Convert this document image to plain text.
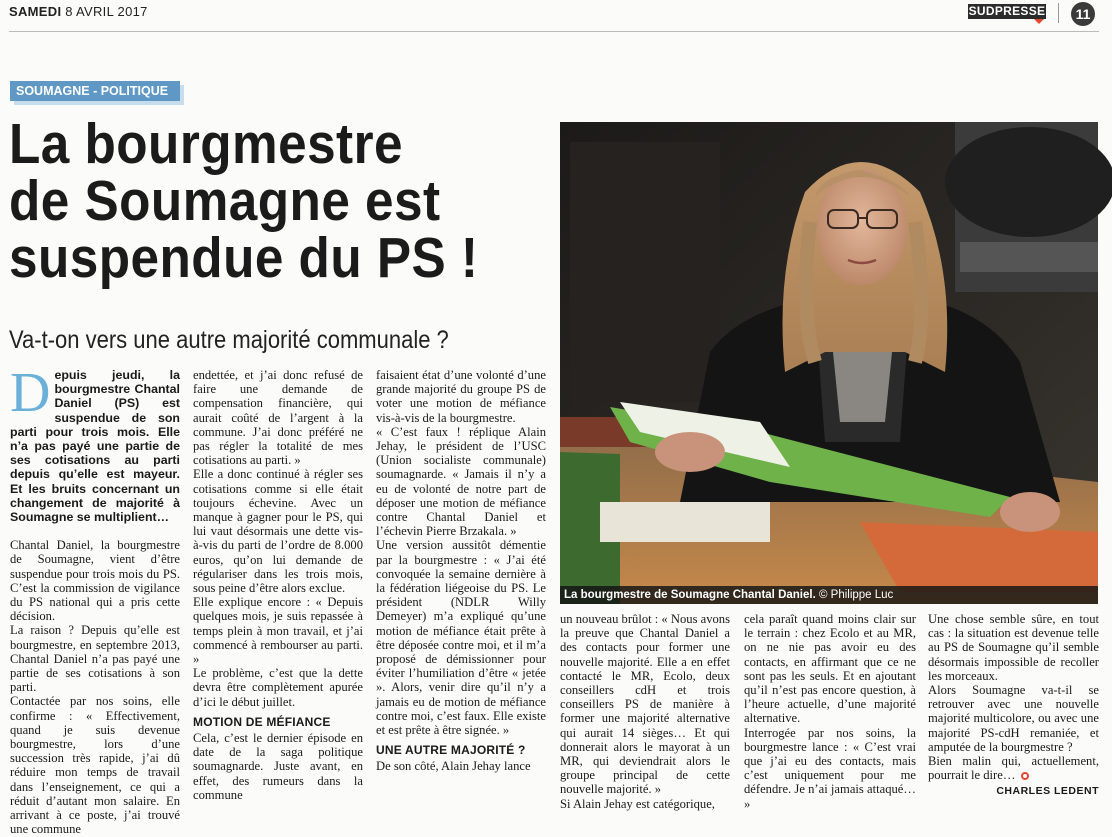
SAMEDI 8 AVRIL 2017	SUDPRESSE	11
SOUMAGNE - POLITIQUE
La bourgmestre
de Soumagne est
suspendue du PS !
Va-t-on vers une autre majorité communale ?
La bourgmestre de Soumagne Chantal Daniel. © Philippe Luc

Depuis jeudi, la bourgmestre Chantal Daniel (PS) est suspendue de son parti pour trois mois. Elle n’a pas payé une partie de ses cotisations au parti depuis qu’elle est mayeur. Et les bruits concernant un changement de majorité à Soumagne se multiplient…

Chantal Daniel, la bourgmestre de Soumagne, vient d’être suspendue pour trois mois du PS. C’est la commission de vigilance du PS national qui a pris cette décision.

La raison ? Depuis qu’elle est bourgmestre, en septembre 2013, Chantal Daniel n’a pas payé une partie de ses cotisations à son parti.

Contactée par nos soins, elle confirme : « Effectivement, quand je suis devenue bourgmestre, lors d’une succession très rapide, j’ai dû réduire mon temps de travail dans l’enseignement, ce qui a réduit d’autant mon salaire. En arrivant à ce poste, j’ai trouvé une commune

endettée, et j’ai donc refusé de faire une demande de compensation financière, qui aurait coûté de l’argent à la commune. J’ai donc préféré ne pas régler la totalité de mes cotisations au parti. »

Elle a donc continué à régler ses cotisations comme si elle était toujours échevine. Avec un manque à gagner pour le PS, qui lui vaut désormais une dette vis-à-vis du parti de l’ordre de 8.000 euros, qu’on lui demande de régulariser dans les trois mois, sous peine d’être alors exclue.

Elle explique encore : « Depuis quelques mois, je suis repassée à temps plein à mon travail, et j’ai commencé à rembourser au parti. »

Le problème, c’est que la dette devra être complètement apurée d’ici le début juillet.

MOTION DE MÉFIANCE

Cela, c’est le dernier épisode en date de la saga politique soumagnarde. Juste avant, en effet, des rumeurs dans la commune

faisaient état d’une volonté d’une grande majorité du groupe PS de voter une motion de méfiance vis-à-vis de la bourgmestre.

« C’est faux ! réplique Alain Jehay, le président de l’USC (Union socialiste communale) soumagnarde. « Jamais il n’y a eu de volonté de notre part de déposer une motion de méfiance contre Chantal Daniel et l’échevin Pierre Brzakala. »

Une version aussitôt démentie par la bourgmestre : « J’ai été convoquée la semaine dernière à la fédération liégeoise du PS. Le président (NDLR Willy Demeyer) m’a expliqué qu’une motion de méfiance était prête à être déposée contre moi, et il m’a proposé de démissionner pour éviter l’humiliation d’être « jetée ». Alors, venir dire qu’il n’y a jamais eu de motion de méfiance contre moi, c’est faux. Elle existe et est prête à être signée. »

UNE AUTRE MAJORITÉ ?

De son côté, Alain Jehay lance

un nouveau brûlot : « Nous avons la preuve que Chantal Daniel a des contacts pour former une nouvelle majorité. Elle a en effet contacté le MR, Ecolo, deux conseillers cdH et trois conseillers PS de manière à former une majorité alternative qui aurait 14 sièges… Et qui donnerait alors le mayorat à un MR, qui deviendrait alors le groupe principal de cette nouvelle majorité. »

Si Alain Jehay est catégorique,

cela paraît quand moins clair sur le terrain : chez Ecolo et au MR, on ne nie pas avoir eu des contacts, en affirmant que ce ne sont pas les seuls. Et en ajoutant qu’il n’est pas encore question, à l’heure actuelle, d’une majorité alternative.

Interrogée par nos soins, la bourgmestre lance : « C’est vrai que j’ai eu des contacts, mais c’est uniquement pour me défendre. Je n’ai jamais attaqué… »

Une chose semble sûre, en tout cas : la situation est devenue telle au PS de Soumagne qu’il semble désormais impossible de recoller les morceaux.

Alors Soumagne va-t-il se retrouver avec une nouvelle majorité multicolore, ou avec une majorité PS-cdH remaniée, et amputée de la bourgmestre ?

Bien malin qui, actuellement, pourrait le dire…

CHARLES LEDENT
